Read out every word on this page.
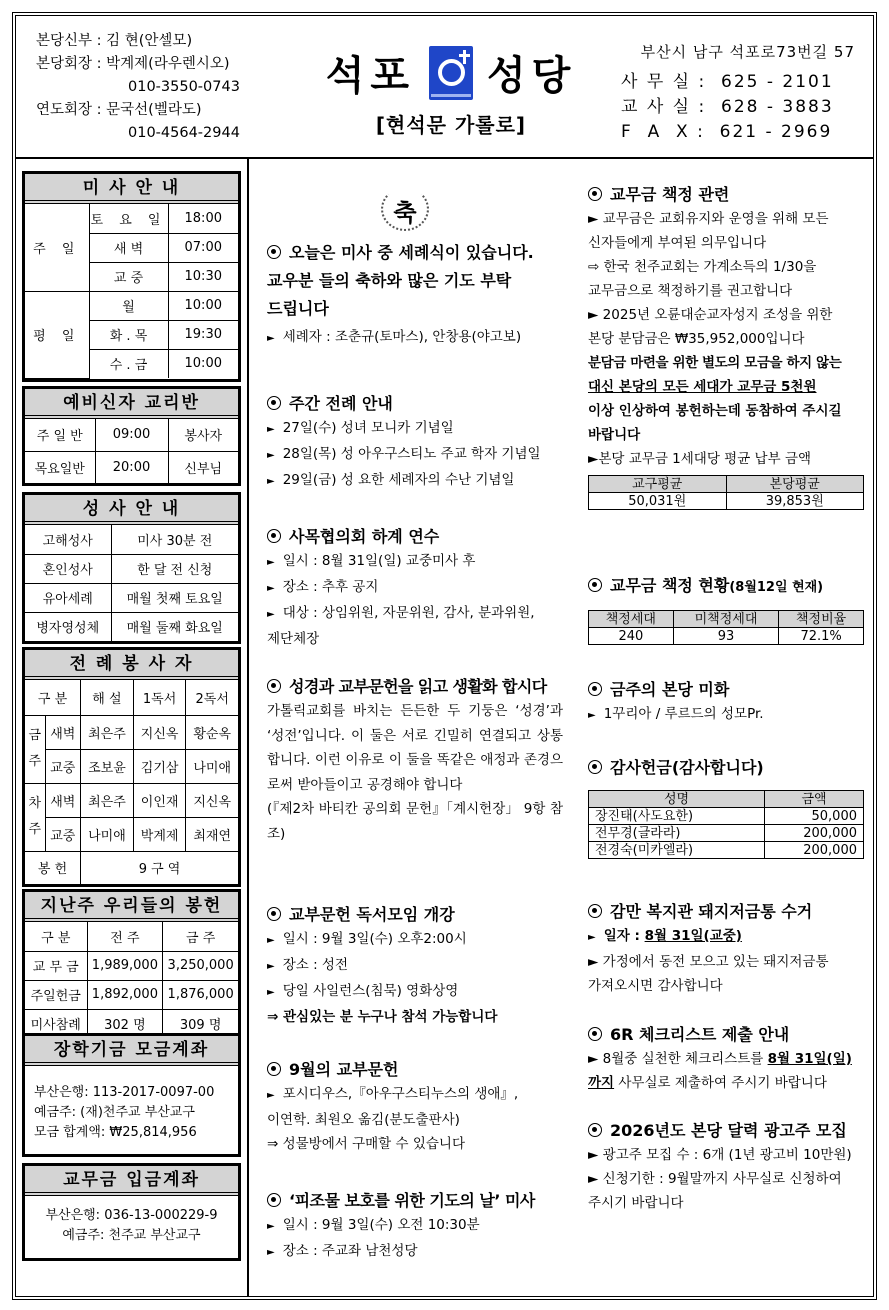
본당신부 : 김 현(안셀모)
본당회장 : 박계제(라우렌시오)
010-3550-0743
연도회장 : 문국선(벨라도)
010-4564-2944
석포 성당
[현석문 가롤로]
부산시 남구 석포로73번길 57
사 무 실 : 625 - 2101
교 사 실 : 628 - 3883
F  A  X : 621 - 2969
미 사 안 내
주 일	토 요 일	18:00
	새 벽	07:00
	교 중	10:30
평 일	월	10:00
	화 . 목	19:30
	수 . 금	10:00
예비신자 교리반
주 일 반	09:00	봉사자
목요일반	20:00	신부님
성 사 안 내
고해성사	미사 30분 전
혼인성사	한 달 전 신청
유아세례	매월 첫째 토요일
병자영성체	매월 둘째 화요일
전 례 봉 사 자
구 분		해 설	1독서	2독서
금주	새벽	최은주	지신옥	황순옥
	교중	조보윤	김기삼	나미애
차주	새벽	최은주	이인재	지신옥
	교중	나미애	박계제	최재연
봉 헌		9 구 역		
지난주 우리들의 봉헌
구 분	전 주	금 주
교 무 금	1,989,000	3,250,000
주일헌금	1,892,000	1,876,000
미사참례	302 명	309 명
장학기금 모금계좌
부산은행: 113-2017-0097-00
예금주: (재)천주교 부산교구
모금 합계액: ₩25,814,956
교무금 입금계좌
부산은행: 036-13-000229-9
예금주: 천주교 부산교구
축
오늘은 미사 중 세례식이 있습니다.
교우분 들의 축하와 많은 기도 부탁
드립니다
► 세례자 : 조춘규(토마스), 안창용(야고보)
주간 전례 안내
► 27일(수) 성녀 모니카 기념일
► 28일(목) 성 아우구스티노 주교 학자 기념일
► 29일(금) 성 요한 세례자의 수난 기념일
사목협의회 하계 연수
► 일시 : 8월 31일(일) 교중미사 후
► 장소 : 추후 공지
► 대상 : 상임위원, 자문위원, 감사, 분과위원,
제단체장
성경과 교부문헌을 읽고 생활화 합시다
가톨릭교회를 바치는 든든한 두 기둥은 ‘성경’과 ‘성전’입니다. 이 둘은 서로 긴밀히 연결되고 상통합니다. 이런 이유로 이 둘을 똑같은 애정과 존경으로써 받아들이고 공경해야 합니다
(『제2차 바티칸 공의회 문헌』「계시헌장」 9항 참조)
교부문헌 독서모임 개강
► 일시 : 9월 3일(수) 오후2:00시
► 장소 : 성전
► 당일 사일런스(침묵) 영화상영
⇒ 관심있는 분 누구나 참석 가능합니다
9월의 교부문헌
► 포시디우스,『아우구스티누스의 생애』,
이연학. 최원오 옮김(분도출판사)
⇒ 성물방에서 구매할 수 있습니다
‘피조물 보호를 위한 기도의 날’ 미사
► 일시 : 9월 3일(수) 오전 10:30분
► 장소 : 주교좌 남천성당
교무금 책정 관련
► 교무금은 교회유지와 운영을 위해 모든
신자들에게 부여된 의무입니다
⇨ 한국 천주교회는 가계소득의 1/30을
교무금으로 책정하기를 권고합니다
► 2025년 오륜대순교자성지 조성을 위한
본당 분담금은 ₩35,952,000입니다
분담금 마련을 위한 별도의 모금을 하지 않는
대신 본당의 모든 세대가 교무금 5천원
이상 인상하여 봉헌하는데 동참하여 주시길
바랍니다
►본당 교무금 1세대당 평균 납부 금액
교구평균	본당평균
50,031원	39,853원
교무금 책정 현황(8월12일 현재)
책정세대	미책정세대	책정비율
240	93	72.1%
금주의 본당 미화
► 1꾸리아 / 루르드의 성모Pr.
감사헌금(감사합니다)
성명	금액
장진태(사도요한)	50,000
전무경(글라라)	200,000
전경숙(미카엘라)	200,000
감만 복지관 돼지저금통 수거
► 일자 : 8월 31일(교중)
► 가정에서 동전 모으고 있는 돼지저금통
가져오시면 감사합니다
6R 체크리스트 제출 안내
► 8월중 실천한 체크리스트를 8월 31일(일)
까지 사무실로 제출하여 주시기 바랍니다
2026년도 본당 달력 광고주 모집
► 광고주 모집 수 : 6개 (1년 광고비 10만원)
► 신청기한 : 9월말까지 사무실로 신청하여
주시기 바랍니다
